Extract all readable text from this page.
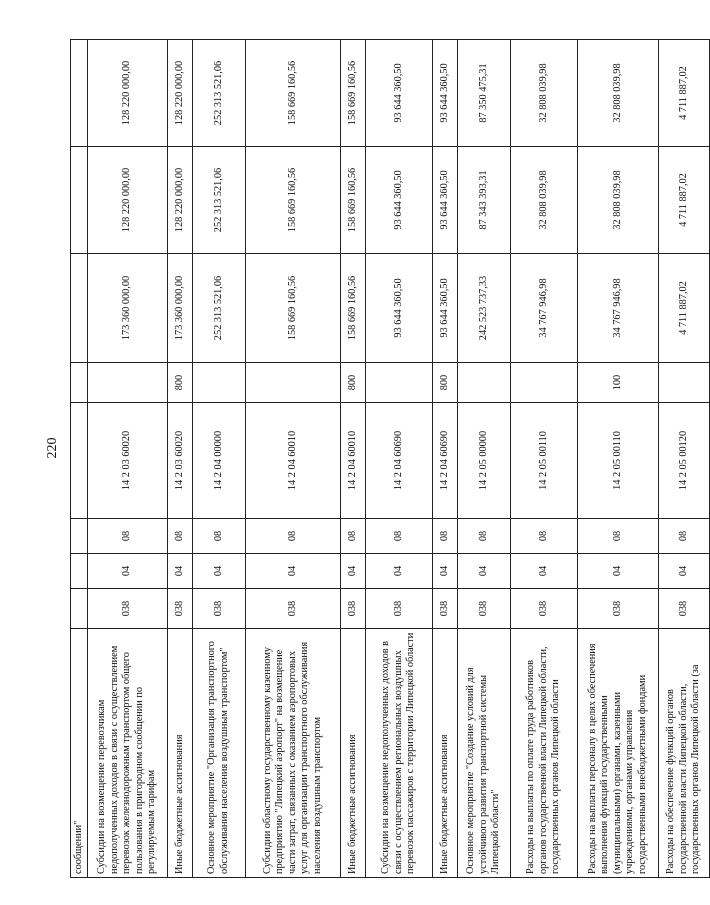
220
сообщении"								
Субсидии на возмещение перевозчикам недополученных доходов в связи с осуществлением перевозок железнодорожным транспортом общего пользования в пригородном сообщении по регулируемым тарифам	038	04	08	14 2 03 60020		173 360 000,00	128 220 000,00	128 220 000,00
Иные бюджетные ассигнования	038	04	08	14 2 03 60020	800	173 360 000,00	128 220 000,00	128 220 000,00
Основное мероприятие "Организация транспортного обслуживания населения воздушным транспортом"	038	04	08	14 2 04 00000		252 313 521,06	252 313 521,06	252 313 521,06
Субсидии областному государственному казенному предприятию "Липецкий аэропорт" на возмещение части затрат, связанных с оказанием аэропортовых услуг для организации транспортного обслуживания населения воздушным транспортом	038	04	08	14 2 04 60010		158 669 160,56	158 669 160,56	158 669 160,56
Иные бюджетные ассигнования	038	04	08	14 2 04 60010	800	158 669 160,56	158 669 160,56	158 669 160,56
Субсидии на возмещение недополученных доходов в связи с осуществлением региональных воздушных перевозок пассажиров с территории Липецкой области	038	04	08	14 2 04 60690		93 644 360,50	93 644 360,50	93 644 360,50
Иные бюджетные ассигнования	038	04	08	14 2 04 60690	800	93 644 360,50	93 644 360,50	93 644 360,50
Основное мероприятие "Создание условий для устойчивого развития транспортной системы Липецкой области"	038	04	08	14 2 05 00000		242 523 737,33	87 343 393,31	87 350 475,31
Расходы на выплаты по оплате труда работников органов государственной власти Липецкой области, государственных органов Липецкой области	038	04	08	14 2 05 00110		34 767 946,98	32 808 039,98	32 808 039,98
Расходы на выплаты персоналу в целях обеспечения выполнения функций государственными (муниципальными) органами, казенными учреждениями, органами управления государственными внебюджетными фондами	038	04	08	14 2 05 00110	100	34 767 946,98	32 808 039,98	32 808 039,98
Расходы на обеспечение функций органов государственной власти Липецкой области, государственных органов Липецкой области (за	038	04	08	14 2 05 00120		4 711 887,02	4 711 887,02	4 711 887,02
